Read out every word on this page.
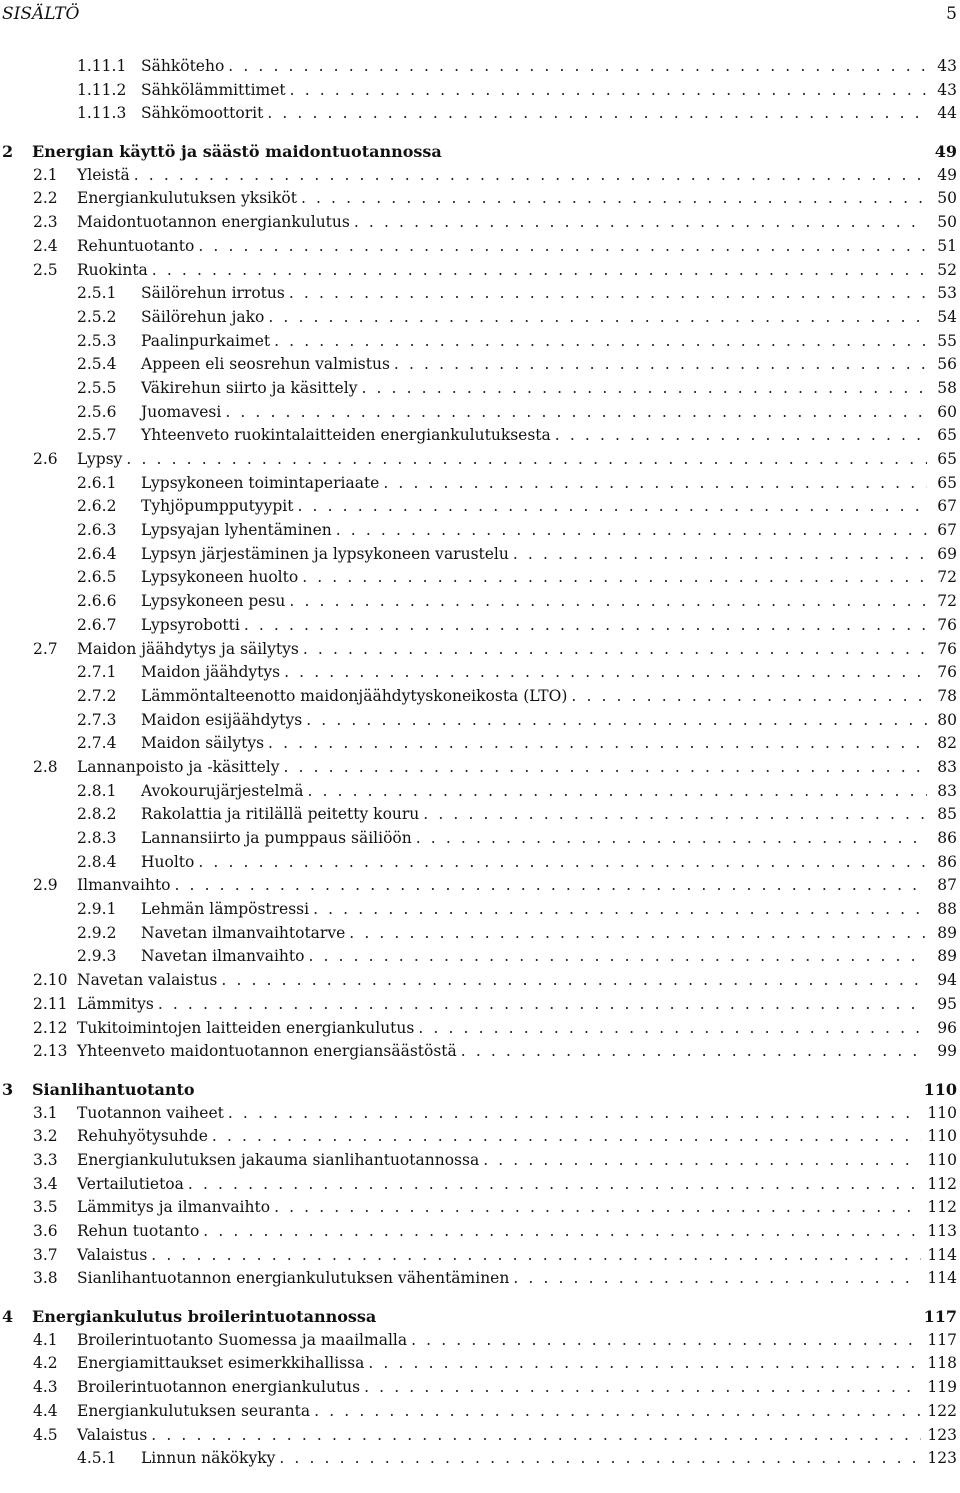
SISÄLTÖ	5
1.11.1 Sähköteho . . .	43
1.11.2 Sähkölämmittimet . . .	43
1.11.3 Sähkömoottorit . . .	44
2	Energian käyttö ja säästö maidontuotannossa	49
2.1	Yleistä . . .	49
2.2	Energiankulutuksen yksiköt . . .	50
2.3	Maidontuotannon energiankulutus . . .	50
2.4	Rehuntuotanto . . .	51
2.5	Ruokinta . . .	52
2.5.1	Säilörehun irrotus . . .	53
2.5.2	Säilörehun jako . . .	54
2.5.3	Paalinpurkaimet . . .	55
2.5.4	Appeen eli seosrehun valmistus . . .	56
2.5.5	Väkirehun siirto ja käsittely . . .	58
2.5.6	Juomavesi . . .	60
2.5.7	Yhteenveto ruokintalaitteiden energiankulutuksesta . . .	65
2.6	Lypsy . . .	65
2.6.1	Lypsykoneen toimintaperiaate . . .	65
2.6.2	Tyhjöpumpputyypit . . .	67
2.6.3	Lypsyajan lyhentäminen . . .	67
2.6.4	Lypsyn järjestäminen ja lypsykoneen varustelu . . .	69
2.6.5	Lypsykoneen huolto . . .	72
2.6.6	Lypsykoneen pesu . . .	72
2.6.7	Lypsyrobotti . . .	76
2.7	Maidon jäähdytys ja säilytys . . .	76
2.7.1	Maidon jäähdytys . . .	76
2.7.2	Lämmöntalteenotto maidonjäähdytyskoneikosta (LTO) . . .	78
2.7.3	Maidon esijäähdytys . . .	80
2.7.4	Maidon säilytys . . .	82
2.8	Lannanpoisto ja -käsittely . . .	83
2.8.1	Avokourujärjestelmä . . .	83
2.8.2	Rakolattia ja ritilällä peitetty kouru . . .	85
2.8.3	Lannansiirto ja pumppaus säiliöön . . .	86
2.8.4	Huolto . . .	86
2.9	Ilmanvaihto . . .	87
2.9.1	Lehmän lämpöstressi . . .	88
2.9.2	Navetan ilmanvaihtotarve . . .	89
2.9.3	Navetan ilmanvaihto . . .	89
2.10 Navetan valaistus . . .	94
2.11 Lämmitys . . .	95
2.12 Tukitoimintojen laitteiden energiankulutus . . .	96
2.13 Yhteenveto maidontuotannon energiansäästöstä . . .	99
3	Sianlihantuotanto	110
3.1	Tuotannon vaiheet . . .	110
3.2	Rehuhyötysuhde . . .	110
3.3	Energiankulutuksen jakauma sianlihantuotannossa . . .	110
3.4	Vertailutietoa . . .	112
3.5	Lämmitys ja ilmanvaihto . . .	112
3.6	Rehun tuotanto . . .	113
3.7	Valaistus . . .	114
3.8	Sianlihantuotannon energiankulutuksen vähentäminen . . .	114
4	Energiankulutus broilerintuotannossa	117
4.1	Broilerintuotanto Suomessa ja maailmalla . . .	117
4.2	Energiamittaukset esimerkkihallissa . . .	118
4.3	Broilerintuotannon energiankulutus . . .	119
4.4	Energiankulutuksen seuranta . . .	122
4.5	Valaistus . . .	123
4.5.1	Linnun näkökyky . . .	123
